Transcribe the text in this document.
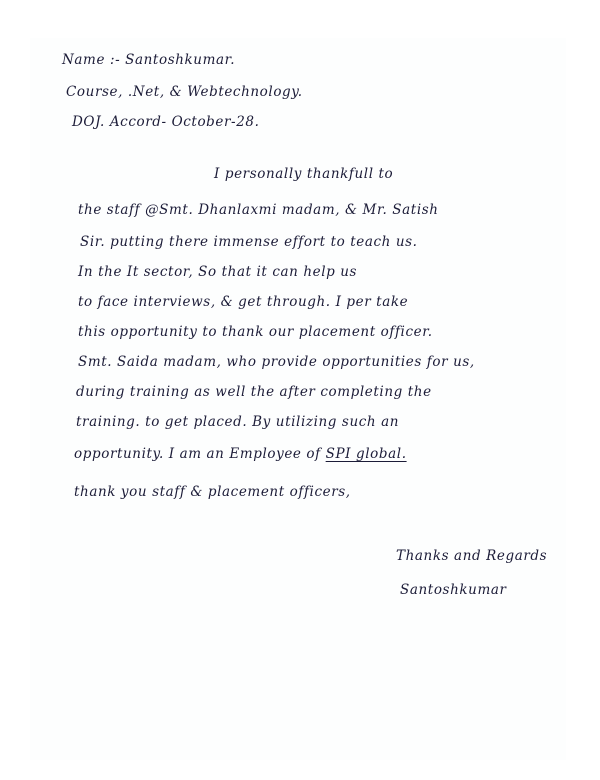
Name :- Santoshkumar.
Course, .Net, & Webtechnology.
DOJ. Accord- October-28.
I personally thankfull to
the staff @Smt. Dhanlaxmi madam, & Mr. Satish
Sir. putting there immense effort to teach us.
In the It sector, So that it can help us
to face interviews, & get through. I per take
this opportunity to thank our placement officer.
Smt. Saida madam, who provide opportunities for us,
during training as well the after completing the
training. to get placed. By utilizing such an
opportunity. I am an Employee of SPI global.
thank you staff & placement officers,
Thanks and Regards
Santoshkumar
